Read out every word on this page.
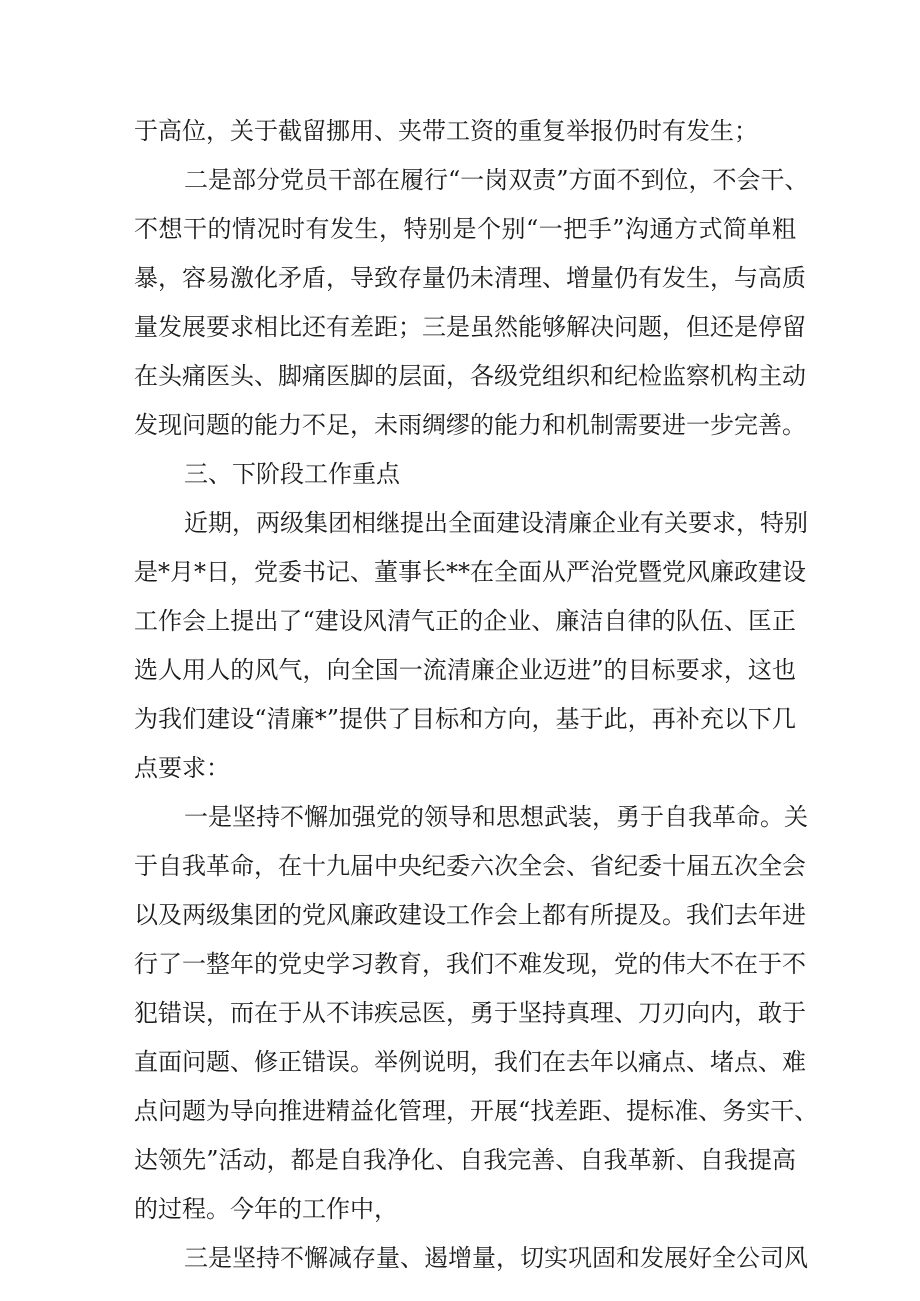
于高位，关于截留挪用、夹带工资的重复举报仍时有发生；
二是部分党员干部在履行“一岗双责”方面不到位，不会干、
不想干的情况时有发生，特别是个别“一把手”沟通方式简单粗
暴，容易激化矛盾，导致存量仍未清理、增量仍有发生，与高质
量发展要求相比还有差距；三是虽然能够解决问题，但还是停留
在头痛医头、脚痛医脚的层面，各级党组织和纪检监察机构主动
发现问题的能力不足，未雨绸缪的能力和机制需要进一步完善。
三、下阶段工作重点
近期，两级集团相继提出全面建设清廉企业有关要求，特别
是*月*日，党委书记、董事长**在全面从严治党暨党风廉政建设
工作会上提出了“建设风清气正的企业、廉洁自律的队伍、匡正
选人用人的风气，向全国一流清廉企业迈进”的目标要求，这也
为我们建设“清廉*”提供了目标和方向，基于此，再补充以下几
点要求：
一是坚持不懈加强党的领导和思想武装，勇于自我革命。关
于自我革命，在十九届中央纪委六次全会、省纪委十届五次全会
以及两级集团的党风廉政建设工作会上都有所提及。我们去年进
行了一整年的党史学习教育，我们不难发现，党的伟大不在于不
犯错误，而在于从不讳疾忌医，勇于坚持真理、刀刃向内，敢于
直面问题、修正错误。举例说明，我们在去年以痛点、堵点、难
点问题为导向推进精益化管理，开展“找差距、提标准、务实干、
达领先”活动，都是自我净化、自我完善、自我革新、自我提高
的过程。今年的工作中，
三是坚持不懈减存量、遏增量，切实巩固和发展好全公司风
